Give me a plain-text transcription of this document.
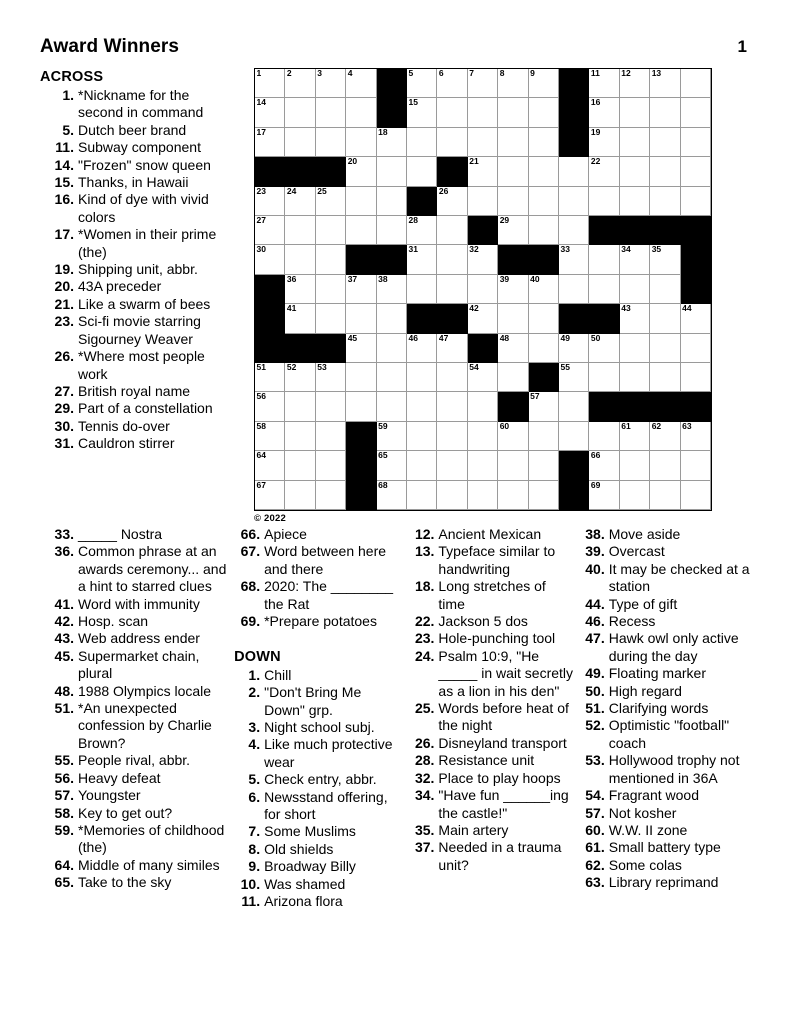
Award Winners	1
ACROSS
1. *Nickname for the second in command
5. Dutch beer brand
11. Subway component
14. "Frozen" snow queen
15. Thanks, in Hawaii
16. Kind of dye with vivid colors
17. *Women in their prime (the)
19. Shipping unit, abbr.
20. 43A preceder
21. Like a swarm of bees
23. Sci-fi movie starring Sigourney Weaver
26. *Where most people work
27. British royal name
29. Part of a constellation
30. Tennis do-over
31. Cauldron stirrer
1	2	3	4	5	6	7	8	9	11	12 13
14	15	16
17	18	19
20	21	22
23 24 25	26
27	28	29
30	31	32	33	34 35
36	37 38	39 40
41	42	43	44
45	46 47	48	49 50
51 52 53	54	55
56	57
58	59	60	61 62 63
64	65	66
67	68	69
© 2022
33. _____ Nostra
36. Common phrase at an awards ceremony... and a hint to starred clues
41. Word with immunity
42. Hosp. scan
43. Web address ender
45. Supermarket chain, plural
48. 1988 Olympics locale
51. *An unexpected confession by Charlie Brown?
55. People rival, abbr.
56. Heavy defeat
57. Youngster
58. Key to get out?
59. *Memories of childhood (the)
64. Middle of many similes
65. Take to the sky
66. Apiece
67. Word between here and there
68. 2020: The ________ the Rat
69. *Prepare potatoes
DOWN
1. Chill
2. "Don't Bring Me Down" grp.
3. Night school subj.
4. Like much protective wear
5. Check entry, abbr.
6. Newsstand offering, for short
7. Some Muslims
8. Old shields
9. Broadway Billy
10. Was shamed
11. Arizona flora
12. Ancient Mexican
13. Typeface similar to handwriting
18. Long stretches of time
22. Jackson 5 dos
23. Hole-punching tool
24. Psalm 10:9, "He _____ in wait secretly as a lion in his den"
25. Words before heat of the night
26. Disneyland transport
28. Resistance unit
32. Place to play hoops
34. "Have fun ______ing the castle!"
35. Main artery
37. Needed in a trauma unit?
38. Move aside
39. Overcast
40. It may be checked at a station
44. Type of gift
46. Recess
47. Hawk owl only active during the day
49. Floating marker
50. High regard
51. Clarifying words
52. Optimistic "football" coach
53. Hollywood trophy not mentioned in 36A
54. Fragrant wood
57. Not kosher
60. W.W. II zone
61. Small battery type
62. Some colas
63. Library reprimand
